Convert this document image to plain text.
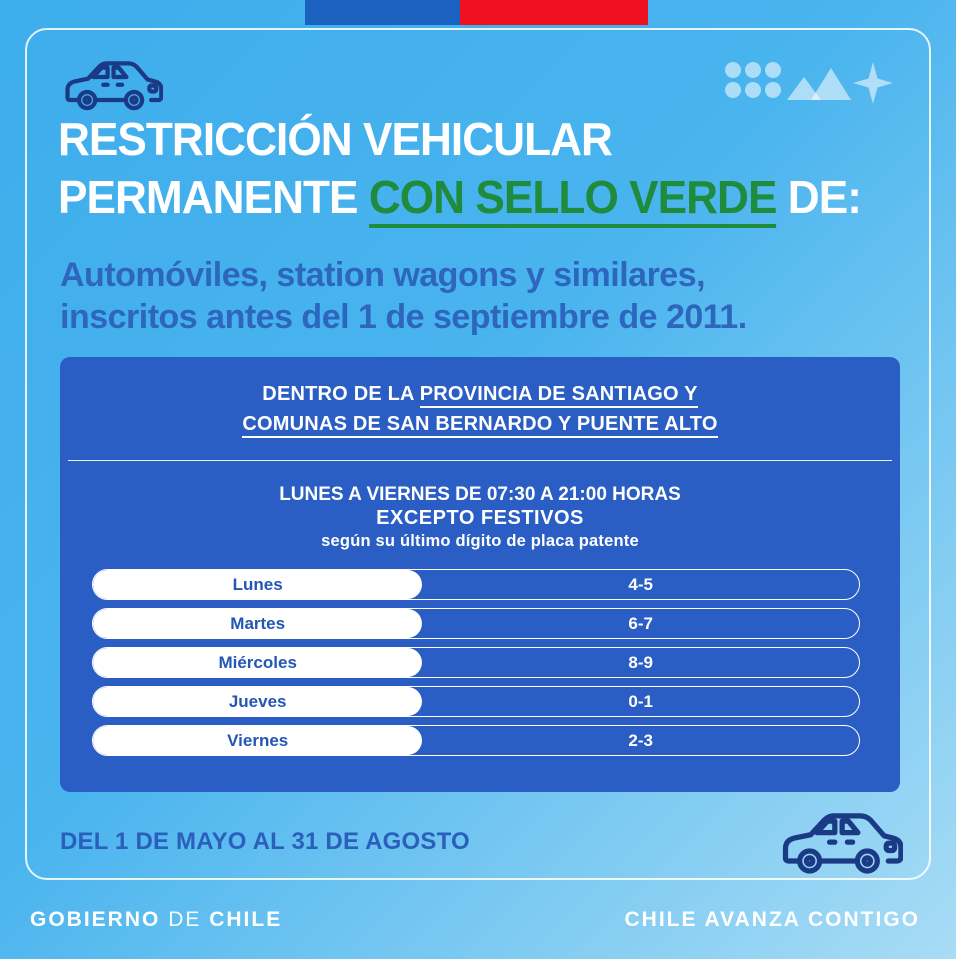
RESTRICCIÓN VEHICULAR
PERMANENTE CON SELLO VERDE DE:
Automóviles, station wagons y similares,
inscritos antes del 1 de septiembre de 2011.
DENTRO DE LA PROVINCIA DE SANTIAGO Y
COMUNAS DE SAN BERNARDO Y PUENTE ALTO
LUNES A VIERNES DE 07:30 A 21:00 HORAS
EXCEPTO FESTIVOS
según su último dígito de placa patente
Lunes	4-5
Martes	6-7
Miércoles	8-9
Jueves	0-1
Viernes	2-3
DEL 1 DE MAYO AL 31 DE AGOSTO
GOBIERNO DE CHILE	CHILE AVANZA CONTIGO
